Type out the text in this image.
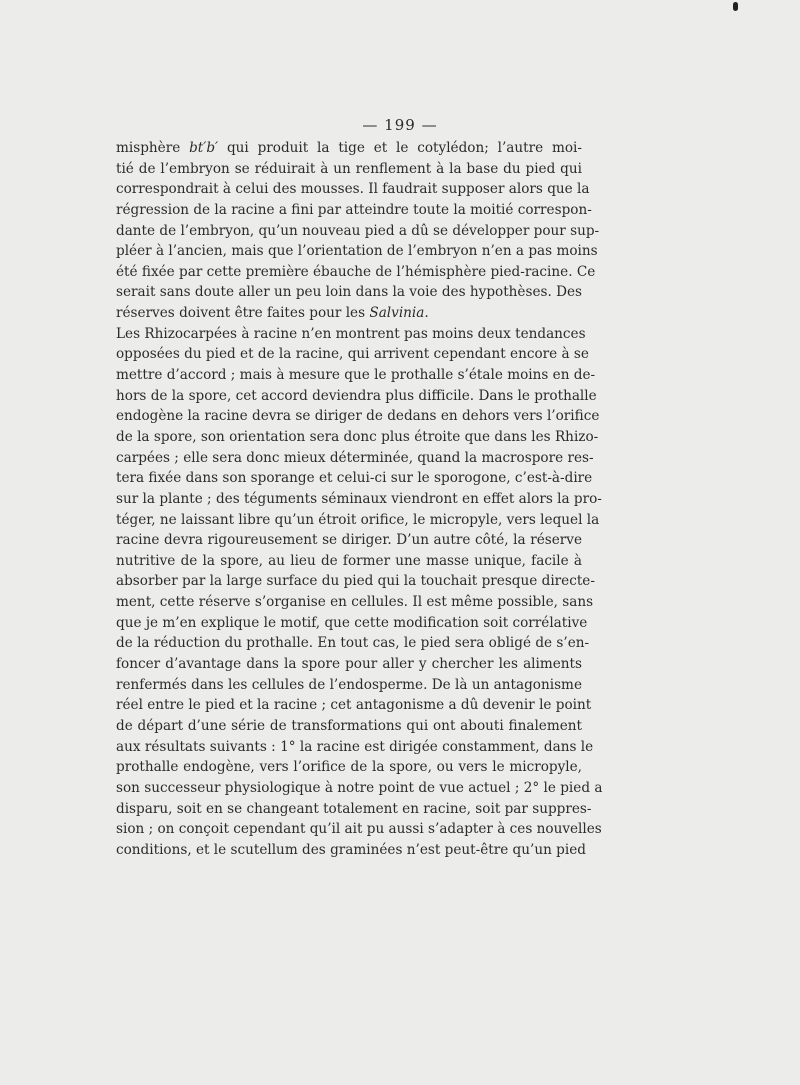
— 199 —
misphère bt′b′ qui produit la tige et le cotylédon; l’autre moi-
tié de l’embryon se réduirait à un renflement à la base du pied qui
correspondrait à celui des mousses. Il faudrait supposer alors que la
régression de la racine a fini par atteindre toute la moitié correspon-
dante de l’embryon, qu’un nouveau pied a dû se développer pour sup-
pléer à l’ancien, mais que l’orientation de l’embryon n’en a pas moins
été fixée par cette première ébauche de l’hémisphère pied-racine. Ce
serait sans doute aller un peu loin dans la voie des hypothèses. Des
réserves doivent être faites pour les Salvinia.
Les Rhizocarpées à racine n’en montrent pas moins deux tendances
opposées du pied et de la racine, qui arrivent cependant encore à se
mettre d’accord ; mais à mesure que le prothalle s’étale moins en de-
hors de la spore, cet accord deviendra plus difficile. Dans le prothalle
endogène la racine devra se diriger de dedans en dehors vers l’orifice
de la spore, son orientation sera donc plus étroite que dans les Rhizo-
carpées ; elle sera donc mieux déterminée, quand la macrospore res-
tera fixée dans son sporange et celui-ci sur le sporogone, c’est-à-dire
sur la plante ; des téguments séminaux viendront en effet alors la pro-
téger, ne laissant libre qu’un étroit orifice, le micropyle, vers lequel la
racine devra rigoureusement se diriger. D’un autre côté, la réserve
nutritive de la spore, au lieu de former une masse unique, facile à
absorber par la large surface du pied qui la touchait presque directe-
ment, cette réserve s’organise en cellules. Il est même possible, sans
que je m’en explique le motif, que cette modification soit corrélative
de la réduction du prothalle. En tout cas, le pied sera obligé de s’en-
foncer d’avantage dans la spore pour aller y chercher les aliments
renfermés dans les cellules de l’endosperme. De là un antagonisme
réel entre le pied et la racine ; cet antagonisme a dû devenir le point
de départ d’une série de transformations qui ont abouti finalement
aux résultats suivants : 1° la racine est dirigée constamment, dans le
prothalle endogène, vers l’orifice de la spore, ou vers le micropyle,
son successeur physiologique à notre point de vue actuel ; 2° le pied a
disparu, soit en se changeant totalement en racine, soit par suppres-
sion ; on conçoit cependant qu’il ait pu aussi s’adapter à ces nouvelles
conditions, et le scutellum des graminées n’est peut-être qu’un pied
